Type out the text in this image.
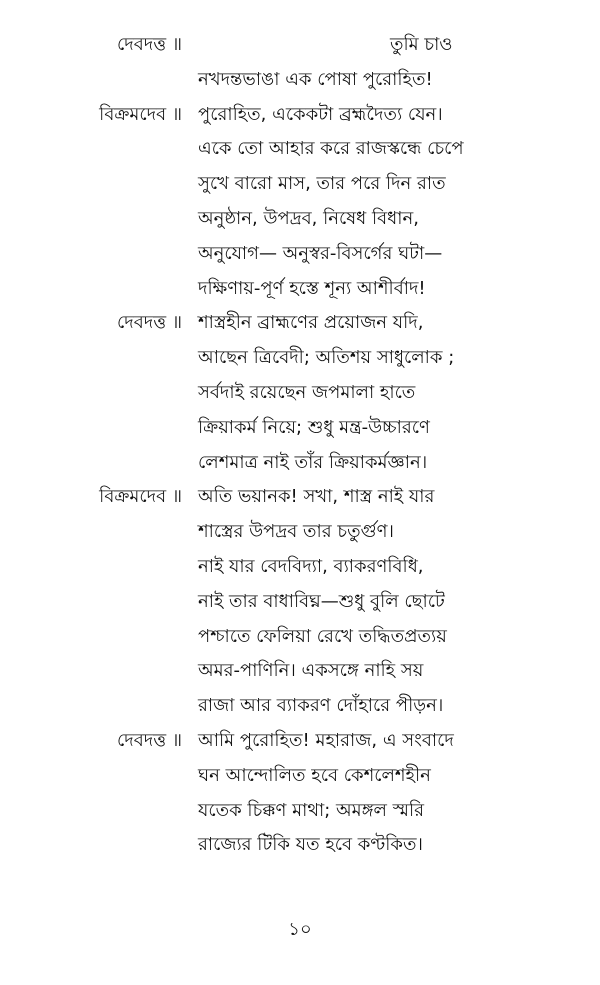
দেবদত্ত ॥	তুমি চাও
নখদন্তভাঙা এক পোষা পুরোহিত!
বিক্রমদেব ॥ পুরোহিত, একেকটা ব্রহ্মদৈত্য যেন।
একে তো আহার করে রাজস্কন্ধে চেপে
সুখে বারো মাস, তার পরে দিন রাত
অনুষ্ঠান, উপদ্রব, নিষেধ বিধান,
অনুযোগ— অনুস্বর-বিসর্গের ঘটা—
দক্ষিণায়-পূর্ণ হস্তে শূন্য আশীর্বাদ!
দেবদত্ত ॥ শাস্ত্রহীন ব্রাহ্মণের প্রয়োজন যদি,
আছেন ত্রিবেদী; অতিশয় সাধুলোক ;
সর্বদাই রয়েছেন জপমালা হাতে
ক্রিয়াকর্ম নিয়ে; শুধু মন্ত্র-উচ্চারণে
লেশমাত্র নাই তাঁর ক্রিয়াকর্মজ্ঞান।
বিক্রমদেব ॥ অতি ভয়ানক! সখা, শাস্ত্র নাই যার
শাস্ত্রের উপদ্রব তার চতুর্গুণ।
নাই যার বেদবিদ্যা, ব্যাকরণবিধি,
নাই তার বাধাবিঘ্ন—শুধু বুলি ছোটে
পশ্চাতে ফেলিয়া রেখে তদ্ধিতপ্রত্যয়
অমর-পাণিনি। একসঙ্গে নাহি সয়
রাজা আর ব্যাকরণ দোঁহারে পীড়ন।
দেবদত্ত ॥ আমি পুরোহিত! মহারাজ, এ সংবাদে
ঘন আন্দোলিত হবে কেশলেশহীন
যতেক চিক্কণ মাথা; অমঙ্গল স্মরি
রাজ্যের টিকি যত হবে কণ্টকিত।
১০
